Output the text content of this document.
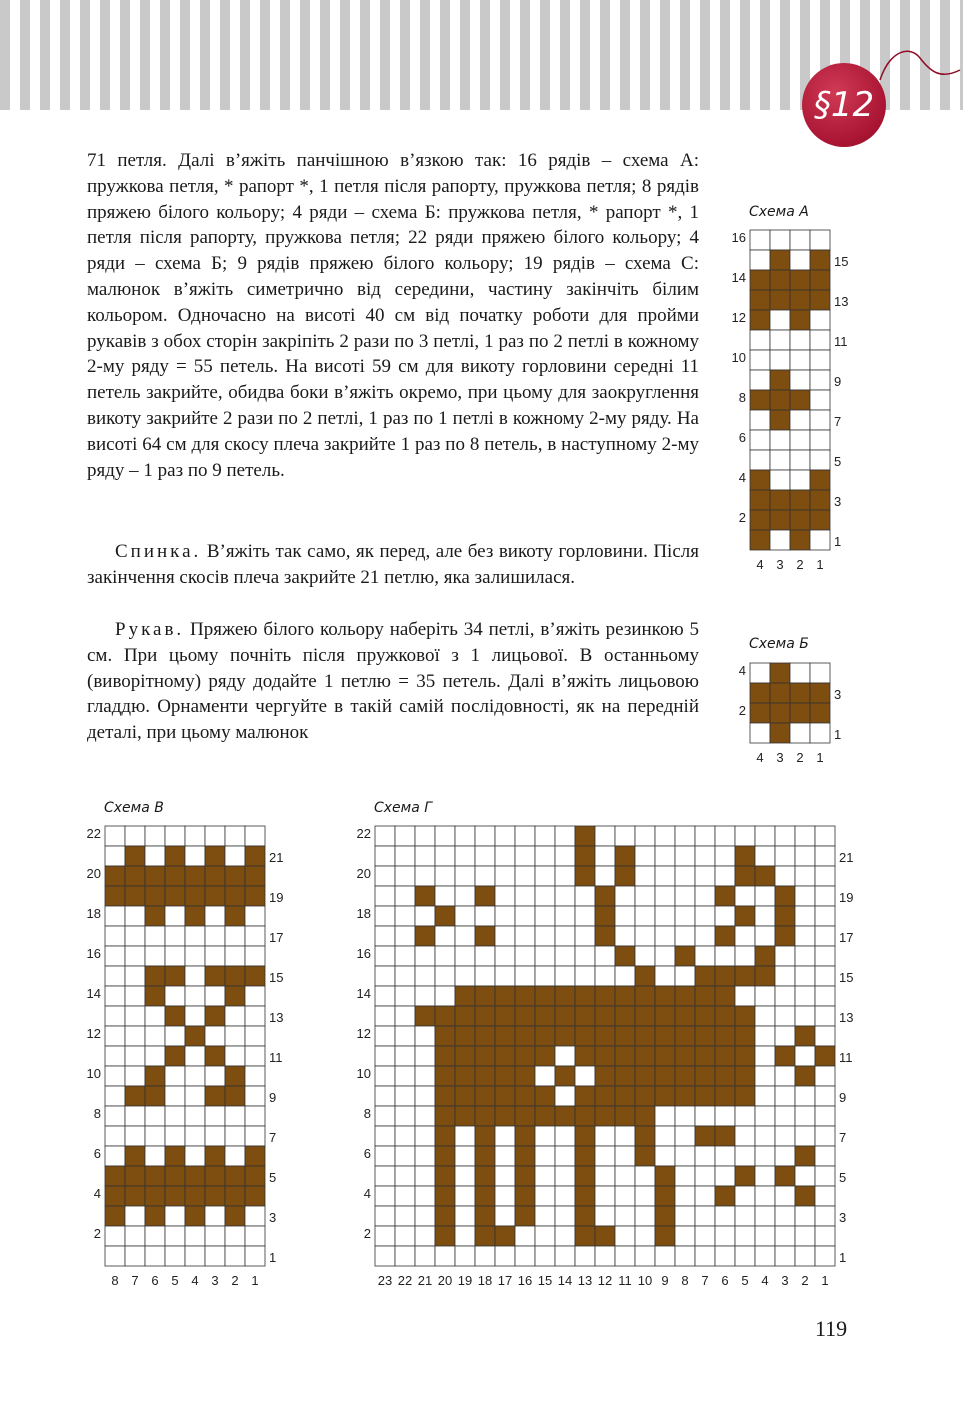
§12

71 петля. Далі в’яжіть панчішною в’язкою так: 16 рядів – схема А: пружкова петля, * рапорт *, 1 петля після рапорту, пружкова петля; 8 рядів пряжею білого кольору; 4 ряди – схема Б: пружкова петля, * рапорт *, 1 петля після рапорту, пружкова петля; 22 ряди пряжею білого кольору; 4 ряди – схема Б; 9 рядів пряжею білого кольору; 19 рядів – схема С: малюнок в’яжіть симетрично від середини, частину закінчіть білим кольором. Одночасно на висоті 40 см від початку роботи для пройми рукавів з обох сторін закріпіть 2 рази по 3 петлі, 1 раз по 2 петлі в кожному 2-му ряду = 55 петель. На висоті 59 см для викоту горловини середні 11 петель закрийте, обидва боки в’яжіть окремо, при цьому для заокруглення викоту закрийте 2 рази по 2 петлі, 1 раз по 1 петлі в кожному 2-му ряду. На висоті 64 см для скосу плеча закрийте 1 раз по 8 петель, в наступному 2-му ряду – 1 раз по 9 петель.

Спинка. В’яжіть так само, як перед, але без викоту горловини. Після закінчення скосів плеча закрийте 21 петлю, яка залишилася.

Рукав. Пряжею білого кольору наберіть 34 петлі, в’яжіть резинкою 5 см. При цьому почніть після пружкової з 1 лицьової. В останньому (виворітному) ряду додайте 1 петлю = 35 петель. Далі в’яжіть лицьовою гладдю. Орнаменти чергуйте в такій самій послідовності, як на передній деталі, при цьому малюнок

Схема А
16
15
14
13
12
11
10
9
8
7
6
5
4
3
2
1
4 3 2 1
Схема Б
4
3
2
1
4 3 2 1
Схема В
22
21
20
19
18
17
16
15
14
13
12
11
10
9
8
7
6
5
4
3
2
1
8 7 6 5 4 3 2 1
Схема Г
22
21
20
19
18
17
16
15
14
13
12
11
10
9
8
7
6
5
4
3
2
1
23 22 21 20 19 18 17 16 15 14 13 12 11 10 9 8 7 6 5 4 3 2 1
119
